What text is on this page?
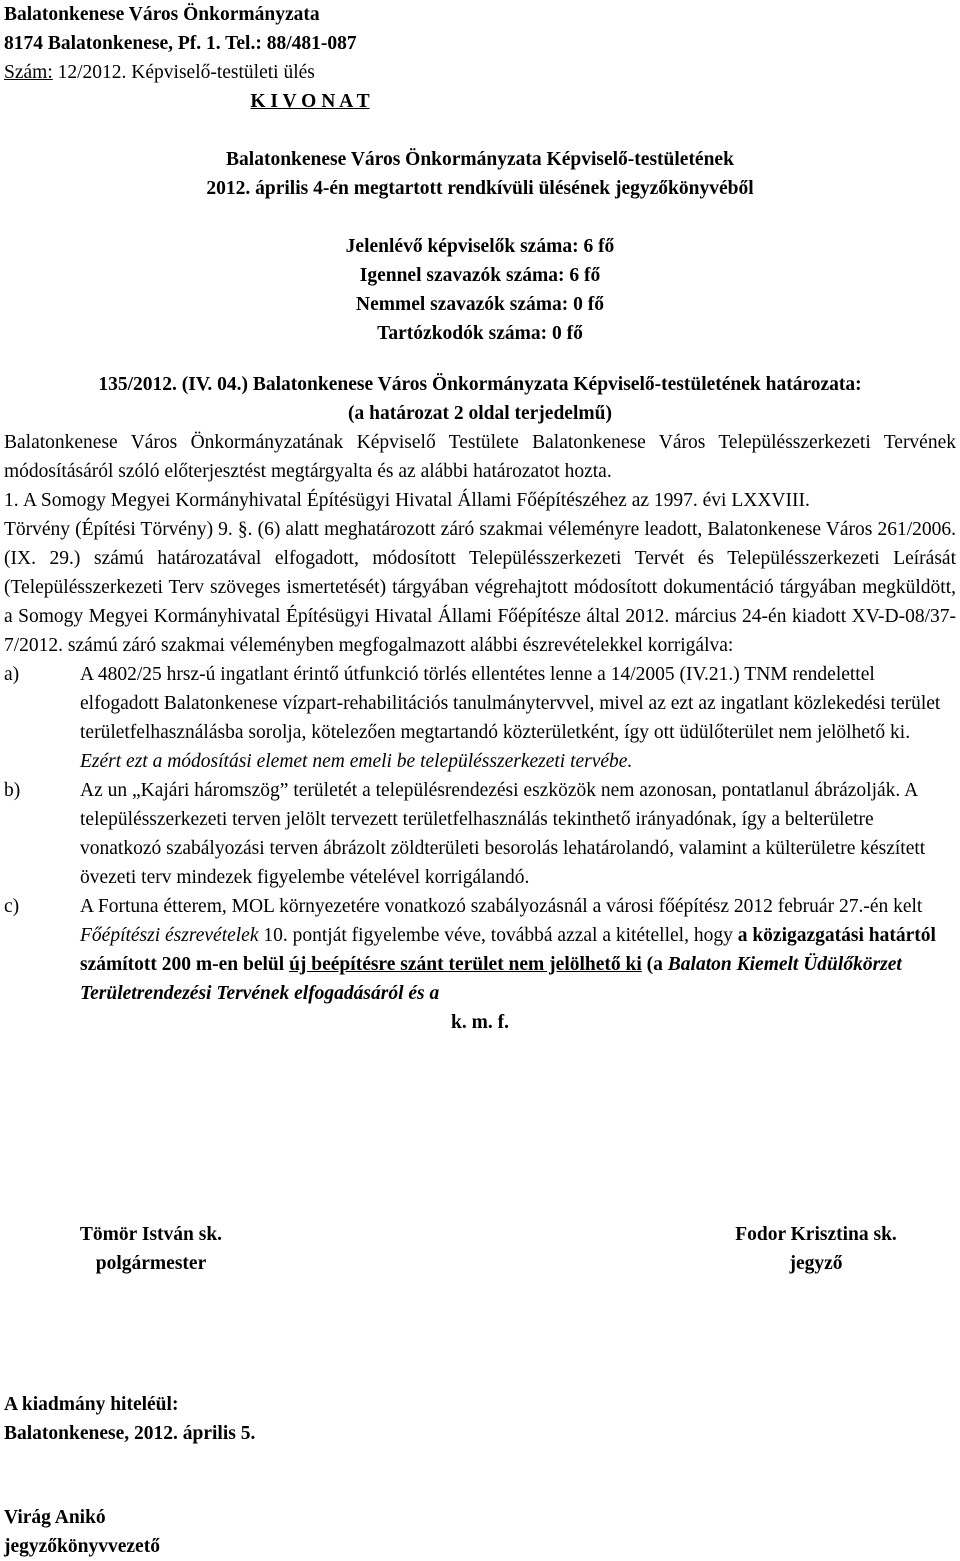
Balatonkenese Város Önkormányzata
8174 Balatonkenese, Pf. 1. Tel.: 88/481-087
Szám: 12/2012. Képviselő-testületi ülés
K I V O N A T
Balatonkenese Város Önkormányzata Képviselő-testületének
2012. április 4-én megtartott rendkívüli ülésének jegyzőkönyvéből
Jelenlévő képviselők száma: 6 fő
Igennel szavazók száma: 6 fő
Nemmel szavazók száma: 0 fő
Tartózkodók száma: 0 fő
135/2012. (IV. 04.) Balatonkenese Város Önkormányzata Képviselő-testületének határozata:
(a határozat 2 oldal terjedelmű)
Balatonkenese Város Önkormányzatának Képviselő Testülete Balatonkenese Város Településszerkezeti Tervének módosításáról szóló előterjesztést megtárgyalta és az alábbi határozatot hozta.
1. A Somogy Megyei Kormányhivatal Építésügyi Hivatal Állami Főépítészéhez az 1997. évi LXXVIII.
Törvény (Építési Törvény) 9. §. (6) alatt meghatározott záró szakmai véleményre leadott, Balatonkenese Város 261/2006. (IX. 29.) számú határozatával elfogadott, módosított Településszerkezeti Tervét és Településszerkezeti Leírását (Településszerkezeti Terv szöveges ismertetését) tárgyában végrehajtott módosított dokumentáció tárgyában megküldött, a Somogy Megyei Kormányhivatal Építésügyi Hivatal Állami Főépítésze által 2012. március 24-én kiadott XV-D-08/37-7/2012. számú záró szakmai véleményben megfogalmazott alábbi észrevételekkel korrigálva:
a)	A 4802/25 hrsz-ú ingatlant érintő útfunkció törlés ellentétes lenne a 14/2005 (IV.21.) TNM rendelettel elfogadott Balatonkenese vízpart-rehabilitációs tanulmánytervvel, mivel az ezt az ingatlant közlekedési terület területfelhasználásba sorolja, kötelezően megtartandó közterületként, így ott üdülőterület nem jelölhető ki. Ezért ezt a módosítási elemet nem emeli be településszerkezeti tervébe.
b)	Az un „Kajári háromszög” területét a településrendezési eszközök nem azonosan, pontatlanul ábrázolják. A településszerkezeti terven jelölt tervezett területfelhasználás tekinthető irányadónak, így a belterületre vonatkozó szabályozási terven ábrázolt zöldterületi besorolás lehatárolandó, valamint a külterületre készített övezeti terv mindezek figyelembe vételével korrigálandó.
c)	A Fortuna étterem, MOL környezetére vonatkozó szabályozásnál a városi főépítész 2012 február 27.-én kelt Főépítészi észrevételek 10. pontját figyelembe véve, továbbá azzal a kitétellel, hogy a közigazgatási határtól számított 200 m-en belül új beépítésre szánt terület nem jelölhető ki (a Balaton Kiemelt Üdülőkörzet Területrendezési Tervének elfogadásáról és a
k. m. f.
Tömör István sk.
polgármester
Fodor Krisztina sk.
jegyző
A kiadmány hiteléül:
Balatonkenese, 2012. április 5.
Virág Anikó
jegyzőkönyvvezető
